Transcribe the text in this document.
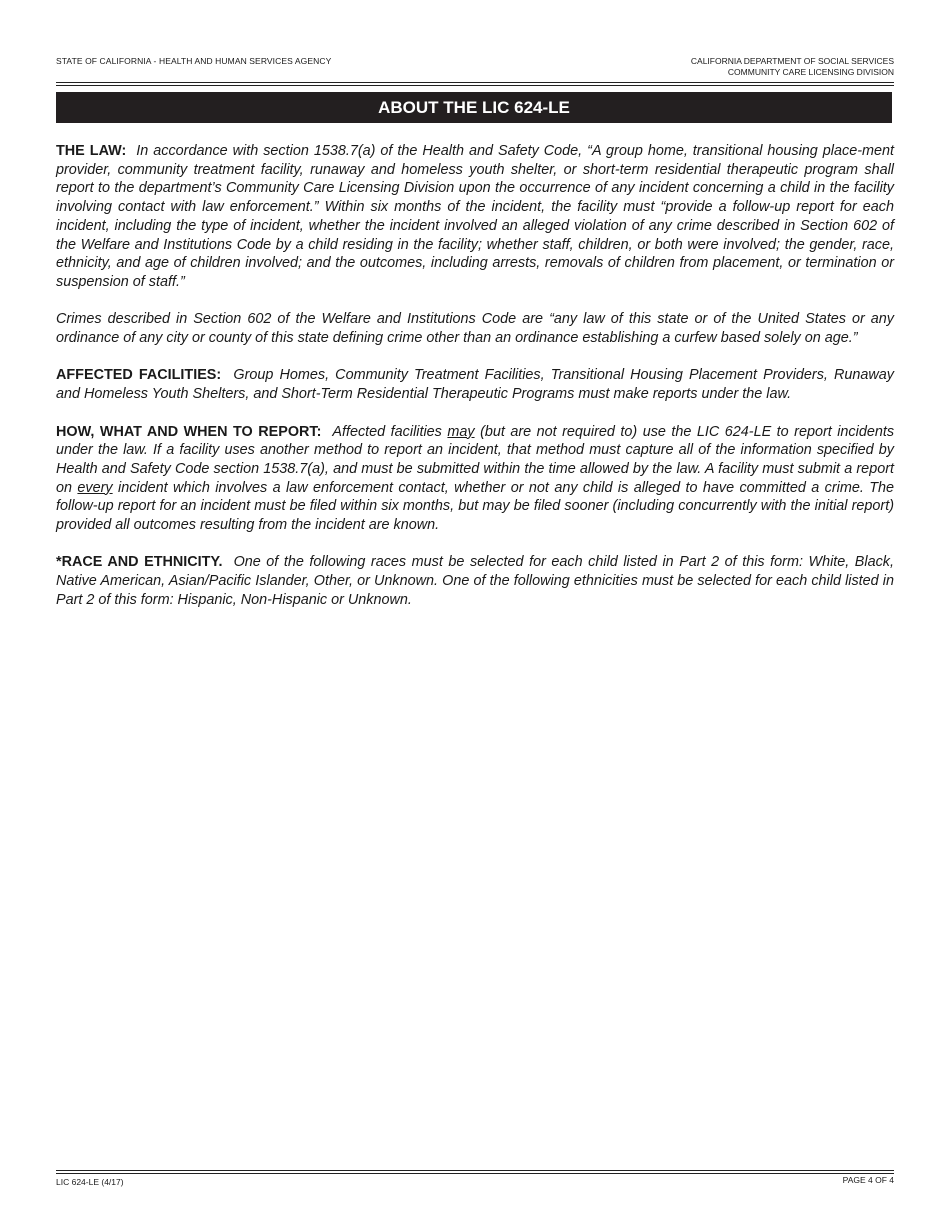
STATE OF CALIFORNIA - HEALTH AND HUMAN SERVICES AGENCY	CALIFORNIA DEPARTMENT OF SOCIAL SERVICES
COMMUNITY CARE LICENSING DIVISION
ABOUT THE LIC 624-LE

THE LAW: In accordance with section 1538.7(a) of the Health and Safety Code, “A group home, transitional housing place-ment provider, community treatment facility, runaway and homeless youth shelter, or short-term residential therapeutic program shall report to the department’s Community Care Licensing Division upon the occurrence of any incident concerning a child in the facility involving contact with law enforcement.” Within six months of the incident, the facility must “provide a follow-up report for each incident, including the type of incident, whether the incident involved an alleged violation of any crime described in Section 602 of the Welfare and Institutions Code by a child residing in the facility; whether staff, children, or both were involved; the gender, race, ethnicity, and age of children involved; and the outcomes, including arrests, removals of children from placement, or termination or suspension of staff.”

Crimes described in Section 602 of the Welfare and Institutions Code are “any law of this state or of the United States or any ordinance of any city or county of this state defining crime other than an ordinance establishing a curfew based solely on age.”

AFFECTED FACILITIES: Group Homes, Community Treatment Facilities, Transitional Housing Placement Providers, Runaway and Homeless Youth Shelters, and Short-Term Residential Therapeutic Programs must make reports under the law.

HOW, WHAT AND WHEN TO REPORT: Affected facilities may (but are not required to) use the LIC 624-LE to report incidents under the law. If a facility uses another method to report an incident, that method must capture all of the information specified by Health and Safety Code section 1538.7(a), and must be submitted within the time allowed by the law. A facility must submit a report on every incident which involves a law enforcement contact, whether or not any child is alleged to have committed a crime. The follow-up report for an incident must be filed within six months, but may be filed sooner (including concurrently with the initial report) provided all outcomes resulting from the incident are known.

*RACE AND ETHNICITY. One of the following races must be selected for each child listed in Part 2 of this form: White, Black, Native American, Asian/Pacific Islander, Other, or Unknown. One of the following ethnicities must be selected for each child listed in Part 2 of this form: Hispanic, Non-Hispanic or Unknown.

LIC 624-LE (4/17)	PAGE 4 OF 4
